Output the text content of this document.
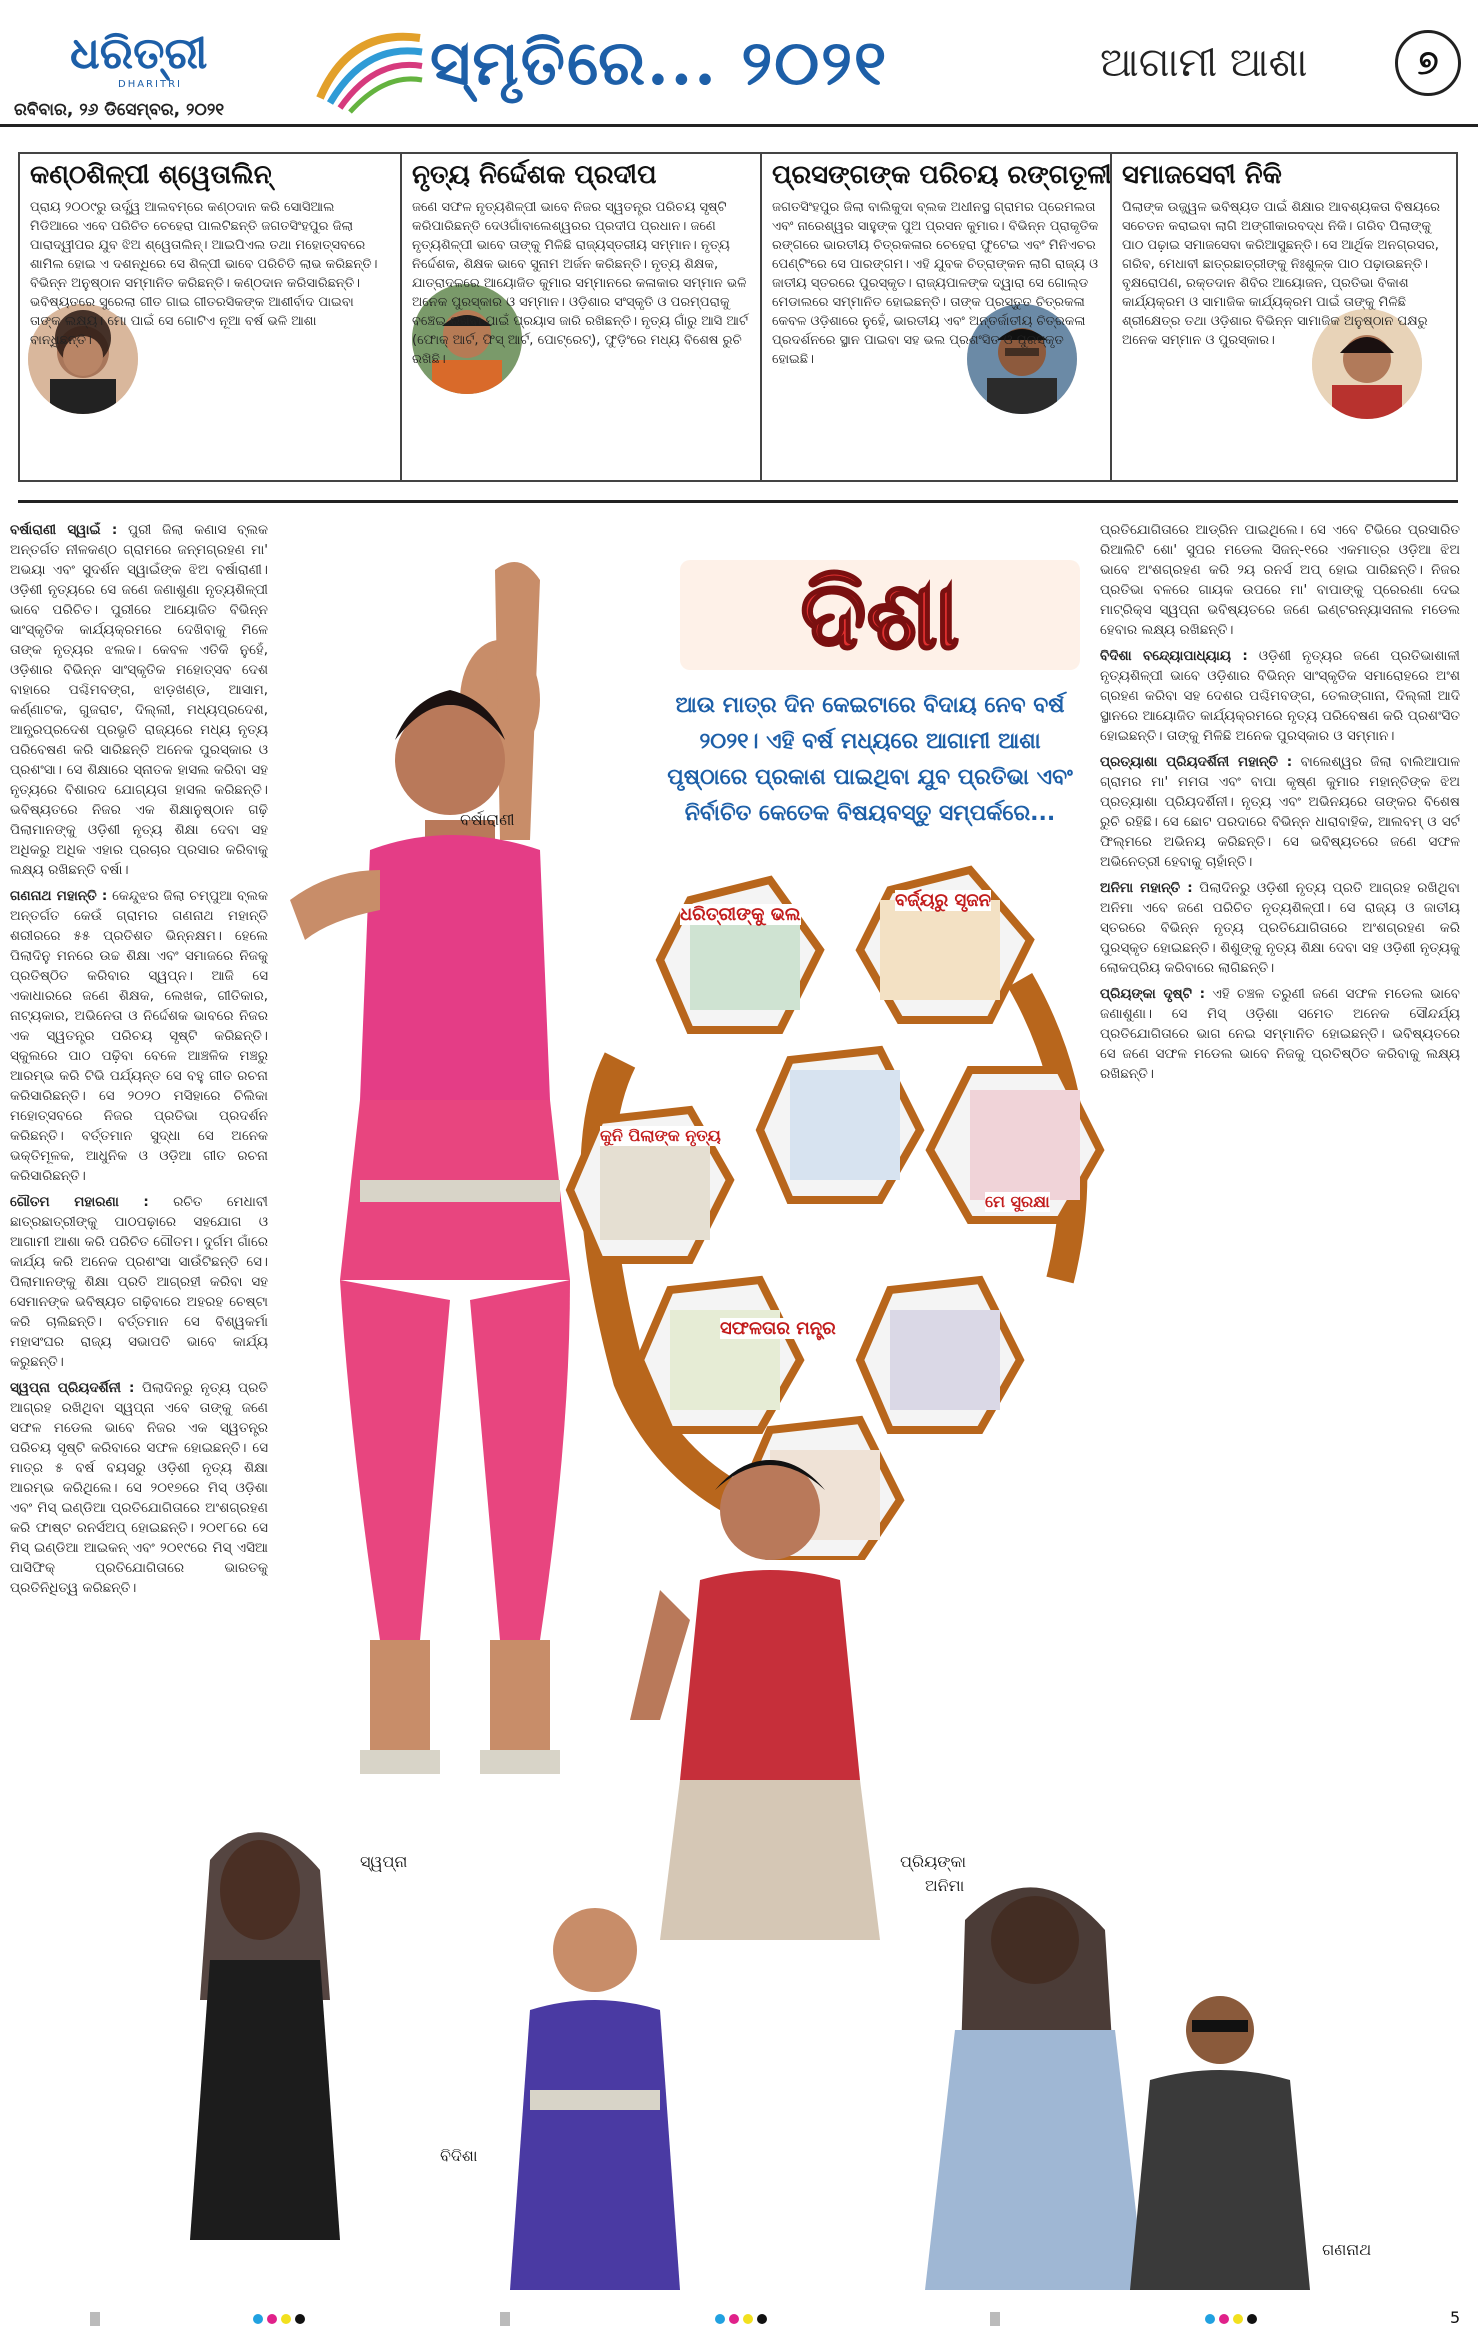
ଧରିତ୍ରୀ
DHARITRI
ରବିବାର, ୨୬ ଡିସେମ୍ବର, ୨୦୨୧
ସ୍ମୃତିରେ... ୨୦୨୧	ଆଗାମୀ ଆଶା	୭
କଣ୍ଠଶିଳ୍ପୀ ଶ୍ୱେତାଲିନ୍
ପ୍ରାୟ ୨୦୦୯ରୁ ଉର୍ଦ୍ଧ୍ୱ ଆଲବମ୍‌ରେ କଣ୍ଠଦାନ କରି ସୋସିଆଲ ମିଡିଆରେ ଏବେ ପରିଚିତ ଚେହେରା ପାଲଟିଛନ୍ତି ଜଗତସିଂହପୁର ଜିଲା ପାରାଦ୍ୱୀପର ଯୁବ ଝିଅ ଶ୍ୱେତାଲିନ୍। ଆଇପିଏଲ ତଥା ମହୋତ୍ସବରେ ଶାମିଲ ହୋଇ ଏ ଦଶନ୍ଧିରେ ସେ ଶିଳ୍ପୀ ଭାବେ ପରିଚିତି ଲାଭ କରିଛନ୍ତି। ବିଭିନ୍ନ ଅନୁଷ୍ଠାନ ସମ୍ମାନିତ କରିଛନ୍ତି। କଣ୍ଠଦାନ କରିସାରିଛନ୍ତି। ଭବିଷ୍ୟତରେ ସୁରେଲା ଗୀତ ଗାଇ ଗୀତରସିକଙ୍କ ଆଶୀର୍ବାଦ ପାଇବା ତାଙ୍କ ଲକ୍ଷ୍ୟ। ମୋ ପାଇଁ ସେ ଗୋଟିଏ ନୂଆ ବର୍ଷ ଭଳି ଆଶା ବାନ୍ଧିଛନ୍ତି।
ନୃତ୍ୟ ନିର୍ଦ୍ଦେଶକ ପ୍ରଦୀପ
ଜଣେ ସଫଳ ନୃତ୍ୟଶିଳ୍ପୀ ଭାବେ ନିଜର ସ୍ୱତନ୍ତ୍ର ପରିଚୟ ସୃଷ୍ଟି କରିପାରିଛନ୍ତି ଦେଓଗାଁବାଲେଶ୍ୱରର ପ୍ରଦୀପ ପ୍ରଧାନ। ଜଣେ ନୃତ୍ୟଶିଳ୍ପୀ ଭାବେ ତାଙ୍କୁ ମିଳିଛି ରାଜ୍ୟସ୍ତରୀୟ ସମ୍ମାନ। ନୃତ୍ୟ ନିର୍ଦ୍ଦେଶକ, ଶିକ୍ଷକ ଭାବେ ସୁନାମ ଅର୍ଜନ କରିଛନ୍ତି। ନୃତ୍ୟ ଶିକ୍ଷକ, ଯାତ୍ରାଦଳରେ ଆୟୋଜିତ କୁମାର ସମ୍ମାନରେ କଳାକାର ସମ୍ମାନ ଭଳି ଅନେକ ପୁରସ୍କାର ଓ ସମ୍ମାନ। ଓଡ଼ିଶାର ସଂସ୍କୃତି ଓ ପରମ୍ପରାକୁ ବଞ୍ଚେଇ ରଖିବା ପାଇଁ ପ୍ରୟାସ ଜାରି ରଖିଛନ୍ତି। ନୃତ୍ୟ ଗାଁରୁ ଆସି ଆର୍ଟ (ଫୋକ୍ ଆର୍ଟ, ଫିସ୍ ଆର୍ଟ, ପୋଟ୍ରେଟ୍), ଫୁଡ଼ିଂରେ ମଧ୍ୟ ବିଶେଷ ରୁଚି ରଖିଛି।
ପ୍ରସଙ୍ଗଙ୍କ ପରିଚୟ ରଙ୍ଗତୂଳୀ
ଜଗତସିଂହପୁର ଜିଲା ବାଲିକୁଦା ବ୍ଲକ ଅଧୀନସ୍ଥ ଗ୍ରାମର ପ୍ରେମଲତା ଏବଂ ନାରେଶ୍ୱର ସାହୁଙ୍କ ପୁଅ ପ୍ରସନ କୁମାର। ବିଭିନ୍ନ ପ୍ରାକୃତିକ ରଙ୍ଗରେ ଭାରତୀୟ ଚିତ୍ରକଳାର ଚେହେରା ଫୁଟେଇ ଏବଂ ମିନିଏଚର ପେଣ୍ଟିଂରେ ସେ ପାରଙ୍ଗମ। ଏହି ଯୁବକ ଚିତ୍ରାଙ୍କନ ଲାଗି ରାଜ୍ୟ ଓ ଜାତୀୟ ସ୍ତରରେ ପୁରସ୍କୃତ। ରାଜ୍ୟପାଳଙ୍କ ଦ୍ୱାରା ସେ ଗୋଲ୍ଡ ମେଡାଲରେ ସମ୍ମାନିତ ହୋଇଛନ୍ତି। ତାଙ୍କ ପ୍ରସ୍ତୁତ ଚିତ୍ରକଳା କେବଳ ଓଡ଼ିଶାରେ ନୁହେଁ, ଭାରତୀୟ ଏବଂ ଅନ୍ତର୍ଜାତୀୟ ଚିତ୍ରକଳା ପ୍ରଦର୍ଶନରେ ସ୍ଥାନ ପାଇବା ସହ ଭଲ ପ୍ରଶଂସିତ ଓ ପୁରସ୍କୃତ ହୋଇଛି।
ସମାଜସେବୀ ନିକି
ପିଲାଙ୍କ ଉଜ୍ଜ୍ୱଳ ଭବିଷ୍ୟତ ପାଇଁ ଶିକ୍ଷାର ଆବଶ୍ୟକତା ବିଷୟରେ ସଚେତନ କରାଇବା ଲାଗି ଅଙ୍ଗୀକାରବଦ୍ଧ ନିକି। ଗରିବ ପିଲାଙ୍କୁ ପାଠ ପଢ଼ାଇ ସମାଜସେବା କରିଆସୁଛନ୍ତି। ସେ ଆର୍ଥିକ ଅନଗ୍ରସର, ଗରିବ, ମେଧାବୀ ଛାତ୍ରଛାତ୍ରୀଙ୍କୁ ନିଃଶୁଳ୍କ ପାଠ ପଢ଼ାଉଛନ୍ତି। ବୃକ୍ଷରୋପଣ, ରକ୍ତଦାନ ଶିବିର ଆୟୋଜନ, ପ୍ରତିଭା ବିକାଶ କାର୍ଯ୍ୟକ୍ରମ ଓ ସାମାଜିକ କାର୍ଯ୍ୟକ୍ରମ ପାଇଁ ତାଙ୍କୁ ମିଳିଛି ଶ୍ରୀକ୍ଷେତ୍ର ତଥା ଓଡ଼ିଶାର ବିଭିନ୍ନ ସାମାଜିକ ଅନୁଷ୍ଠାନ ପକ୍ଷରୁ ଅନେକ ସମ୍ମାନ ଓ ପୁରସ୍କାର।

ବର୍ଷାରାଣୀ ସ୍ୱାଇଁ : ପୁରୀ ଜିଲା କଣାସ ବ୍ଲକ ଅନ୍ତର୍ଗତ ନୀଳକଣ୍ଠ ଗ୍ରାମରେ ଜନ୍ମଗ୍ରହଣ ମା' ଅଭୟା ଏବଂ ସୁଦର୍ଶନ ସ୍ୱାଇଁଙ୍କ ଝିଅ ବର୍ଷାରାଣୀ। ଓଡ଼ିଶୀ ନୃତ୍ୟରେ ସେ ଜଣେ ଜଣାଶୁଣା ନୃତ୍ୟଶିଳ୍ପୀ ଭାବେ ପରିଚିତ। ପୁରୀରେ ଆୟୋଜିତ ବିଭିନ୍ନ ସାଂସ୍କୃତିକ କାର୍ଯ୍ୟକ୍ରମରେ ଦେଖିବାକୁ ମିଳେ ତାଙ୍କ ନୃତ୍ୟର ଝଲକ। କେବଳ ଏତିକି ନୁହେଁ, ଓଡ଼ିଶାର ବିଭିନ୍ନ ସାଂସ୍କୃତିକ ମହୋତ୍ସବ ଦେଶ ବାହାରେ ପଶ୍ଚିମବଙ୍ଗ, ଝାଡ଼ଖଣ୍ଡ, ଆସାମ, କର୍ଣ୍ଣାଟକ, ଗୁଜରାଟ, ଦିଲ୍ଲୀ, ମଧ୍ୟପ୍ରଦେଶ, ଆନ୍ଧ୍ରପ୍ରଦେଶ ପ୍ରଭୃତି ରାଜ୍ୟରେ ମଧ୍ୟ ନୃତ୍ୟ ପରିବେଷଣ କରି ସାରିଛନ୍ତି ଅନେକ ପୁରସ୍କାର ଓ ପ୍ରଶଂସା। ସେ ଶିକ୍ଷାରେ ସ୍ନାତକ ହାସଲ କରିବା ସହ ନୃତ୍ୟରେ ବିଶାରଦ ଯୋଗ୍ୟତା ହାସଲ କରିଛନ୍ତି। ଭବିଷ୍ୟତରେ ନିଜର ଏକ ଶିକ୍ଷାନୁଷ୍ଠାନ ଗଢ଼ି ପିଲାମାନଙ୍କୁ ଓଡ଼ିଶୀ ନୃତ୍ୟ ଶିକ୍ଷା ଦେବା ସହ ଅଧିକରୁ ଅଧିକ ଏହାର ପ୍ରଚାର ପ୍ରସାର କରିବାକୁ ଲକ୍ଷ୍ୟ ରଖିଛନ୍ତି ବର୍ଷା।

ଗଣନାଥ ମହାନ୍ତି : କେନ୍ଦୁଝର ଜିଲା ଚମ୍ପୁଆ ବ୍ଲକ ଅନ୍ତର୍ଗତ କେଉଁ ଗ୍ରାମର ଗଣନାଥ ମହାନ୍ତି ଶରୀରରେ ୫୫ ପ୍ରତିଶତ ଭିନ୍ନକ୍ଷମ। ହେଲେ ପିଲାଦିନୁ ମନରେ ଉଚ୍ଚ ଶିକ୍ଷା ଏବଂ ସମାଜରେ ନିଜକୁ ପ୍ରତିଷ୍ଠିତ କରିବାର ସ୍ୱପ୍ନ। ଆଜି ସେ ଏକାଧାରରେ ଜଣେ ଶିକ୍ଷକ, ଲେଖକ, ଗୀତିକାର, ନାଟ୍ୟକାର, ଅଭିନେତା ଓ ନିର୍ଦ୍ଦେଶକ ଭାବରେ ନିଜର ଏକ ସ୍ୱତନ୍ତ୍ର ପରିଚୟ ସୃଷ୍ଟି କରିଛନ୍ତି। ସ୍କୁଲରେ ପାଠ ପଢ଼ିବା ବେଳେ ଆଞ୍ଚଳିକ ମଞ୍ଚରୁ ଆରମ୍ଭ କରି ଟିଭି ପର୍ଯ୍ୟନ୍ତ ସେ ବହୁ ଗୀତ ରଚନା କରିସାରିଛନ୍ତି। ସେ ୨୦୨୦ ମସିହାରେ ଚିଲିକା ମହୋତ୍ସବରେ ନିଜର ପ୍ରତିଭା ପ୍ରଦର୍ଶନ କରିଛନ୍ତି। ବର୍ତ୍ତମାନ ସୁଦ୍ଧା ସେ ଅନେକ ଭକ୍ତିମୂଳକ, ଆଧୁନିକ ଓ ଓଡ଼ିଆ ଗୀତ ରଚନା କରିସାରିଛନ୍ତି।

ଗୌତମ ମହାରଣା : ରଚିତ ମେଧାବୀ ଛାତ୍ରଛାତ୍ରୀଙ୍କୁ ପାଠପଢ଼ାରେ ସହଯୋଗ ଓ ଆଗାମୀ ଆଶା କରି ପରିଚିତ ଗୌତମ। ଦୁର୍ଗମ ଗାଁରେ କାର୍ଯ୍ୟ କରି ଅନେକ ପ୍ରଶଂସା ସାଉଁଟିଛନ୍ତି ସେ। ପିଲାମାନଙ୍କୁ ଶିକ୍ଷା ପ୍ରତି ଆଗ୍ରହୀ କରିବା ସହ ସେମାନଙ୍କ ଭବିଷ୍ୟତ ଗଢ଼ିବାରେ ଅହରହ ଚେଷ୍ଟା କରି ଚାଲିଛନ୍ତି। ବର୍ତ୍ତମାନ ସେ ବିଶ୍ୱକର୍ମା ମହାସଂଘର ରାଜ୍ୟ ସଭାପତି ଭାବେ କାର୍ଯ୍ୟ କରୁଛନ୍ତି।

ସ୍ୱପ୍ନା ପ୍ରିୟଦର୍ଶିନୀ : ପିଲାଦିନରୁ ନୃତ୍ୟ ପ୍ରତି ଆଗ୍ରହ ରଖିଥିବା ସ୍ୱପ୍ନା ଏବେ ତାଙ୍କୁ ଜଣେ ସଫଳ ମଡେଲ ଭାବେ ନିଜର ଏକ ସ୍ୱତନ୍ତ୍ର ପରିଚୟ ସୃଷ୍ଟି କରିବାରେ ସଫଳ ହୋଇଛନ୍ତି। ସେ ମାତ୍ର ୫ ବର୍ଷ ବୟସରୁ ଓଡ଼ିଶୀ ନୃତ୍ୟ ଶିକ୍ଷା ଆରମ୍ଭ କରିଥିଲେ। ସେ ୨୦୧୭ରେ ମିସ୍ ଓଡ଼ିଶା ଏବଂ ମିସ୍ ଇଣ୍ଡିଆ ପ୍ରତିଯୋଗିତାରେ ଅଂଶଗ୍ରହଣ କରି ଫାଷ୍ଟ ରନର୍ସଅପ୍ ହୋଇଛନ୍ତି। ୨୦୧୮ରେ ସେ ମିସ୍ ଇଣ୍ଡିଆ ଆଇକନ୍ ଏବଂ ୨୦୧୯ରେ ମିସ୍ ଏସିଆ ପାସିଫିକ୍ ପ୍ରତିଯୋଗିତାରେ ଭାରତକୁ ପ୍ରତିନିଧିତ୍ୱ କରିଛନ୍ତି।

ବର୍ଷାରାଣୀ
ଦିଶା
ଆଉ ମାତ୍ର ଦିନ କେଇଟାରେ ବିଦାୟ ନେବ ବର୍ଷ ୨୦୨୧। ଏହି ବର୍ଷ ମଧ୍ୟରେ ଆଗାମୀ ଆଶା ପୃଷ୍ଠାରେ ପ୍ରକାଶ ପାଇଥିବା ଯୁବ ପ୍ରତିଭା ଏବଂ ନିର୍ବାଚିତ କେତେକ ବିଷୟବସ୍ତୁ ସମ୍ପର୍କରେ...
ଧରିତ୍ରୀଙ୍କୁ ଭଲ
ବର୍ଜ୍ୟରୁ ସୃଜନ
କୁନି ପିଲାଙ୍କ ନୃତ୍ୟ
ସଫଳତାର ମନ୍ତ୍ର
ମେ ସୁରକ୍ଷା
ଅନିମା
ସ୍ୱପ୍ନା
ବିଦିଶା
ପ୍ରିୟଙ୍କା
ଗଣନାଥ

ପ୍ରତିଯୋଗିତାରେ ଆଡ୍ରିନ ପାଇଥିଲେ। ସେ ଏବେ ଟିଭିରେ ପ୍ରସାରିତ ରିଆଲିଟି ଶୋ' ସୁପର ମଡେଲ ସିଜନ୍-୧ରେ ଏକମାତ୍ର ଓଡ଼ିଆ ଝିଅ ଭାବେ ଅଂଶଗ୍ରହଣ କରି ୨ୟ ରନର୍ସ ଅପ୍ ହୋଇ ପାରିଛନ୍ତି। ନିଜର ପ୍ରତିଭା ବଳରେ ଗାୟକ ଉପରେ ମା' ବାପାଙ୍କୁ ପ୍ରେରଣା ଦେଇ ମାଟ୍ରିକ୍ସ ସ୍ୱପ୍ନା ଭବିଷ୍ୟତରେ ଜଣେ ଇଣ୍ଟରନ୍ୟାସନାଲ ମଡେଲ ହେବାର ଲକ୍ଷ୍ୟ ରଖିଛନ୍ତି।

ବିଦିଶା ବନ୍ଦ୍ୟୋପାଧ୍ୟାୟ : ଓଡ଼ିଶୀ ନୃତ୍ୟର ଜଣେ ପ୍ରତିଭାଶାଳୀ ନୃତ୍ୟଶିଳ୍ପୀ ଭାବେ ଓଡ଼ିଶାର ବିଭିନ୍ନ ସାଂସ୍କୃତିକ ସମାରୋହରେ ଅଂଶ ଗ୍ରହଣ କରିବା ସହ ଦେଶର ପଶ୍ଚିମବଙ୍ଗ, ତେଲଙ୍ଗାନା, ଦିଲ୍ଲୀ ଆଦି ସ୍ଥାନରେ ଆୟୋଜିତ କାର୍ଯ୍ୟକ୍ରମରେ ନୃତ୍ୟ ପରିବେଷଣ କରି ପ୍ରଶଂସିତ ହୋଇଛନ୍ତି। ତାଙ୍କୁ ମିଳିଛି ଅନେକ ପୁରସ୍କାର ଓ ସମ୍ମାନ।

ପ୍ରତ୍ୟାଶା ପ୍ରିୟଦର୍ଶିନୀ ମହାନ୍ତି : ବାଲେଶ୍ୱର ଜିଲା ବାଲିଆପାଳ ଗ୍ରାମର ମା' ମମତା ଏବଂ ବାପା କୃଷ୍ଣ କୁମାର ମହାନ୍ତିଙ୍କ ଝିଅ ପ୍ରତ୍ୟାଶା ପ୍ରିୟଦର୍ଶିନୀ। ନୃତ୍ୟ ଏବଂ ଅଭିନୟରେ ତାଙ୍କର ବିଶେଷ ରୁଚି ରହିଛି। ସେ ଛୋଟ ପରଦାରେ ବିଭିନ୍ନ ଧାରାବାହିକ, ଆଲବମ୍ ଓ ସର୍ଟ ଫିଲ୍ମରେ ଅଭିନୟ କରିଛନ୍ତି। ସେ ଭବିଷ୍ୟତରେ ଜଣେ ସଫଳ ଅଭିନେତ୍ରୀ ହେବାକୁ ଚାହାଁନ୍ତି।

ଅନିମା ମହାନ୍ତି : ପିଲାଦିନରୁ ଓଡ଼ିଶୀ ନୃତ୍ୟ ପ୍ରତି ଆଗ୍ରହ ରଖିଥିବା ଅନିମା ଏବେ ଜଣେ ପରିଚିତ ନୃତ୍ୟଶିଳ୍ପୀ। ସେ ରାଜ୍ୟ ଓ ଜାତୀୟ ସ୍ତରରେ ବିଭିନ୍ନ ନୃତ୍ୟ ପ୍ରତିଯୋଗିତାରେ ଅଂଶଗ୍ରହଣ କରି ପୁରସ୍କୃତ ହୋଇଛନ୍ତି। ଶିଶୁଙ୍କୁ ନୃତ୍ୟ ଶିକ୍ଷା ଦେବା ସହ ଓଡ଼ିଶୀ ନୃତ୍ୟକୁ ଲୋକପ୍ରିୟ କରିବାରେ ଲାଗିଛନ୍ତି।

ପ୍ରିୟଙ୍କା ଦୃଷ୍ଟି : ଏହି ଚଞ୍ଚଳ ତରୁଣୀ ଜଣେ ସଫଳ ମଡେଲ ଭାବେ ଜଣାଶୁଣା। ସେ ମିସ୍ ଓଡ଼ିଶା ସମେତ ଅନେକ ସୌନ୍ଦର୍ଯ୍ୟ ପ୍ରତିଯୋଗିତାରେ ଭାଗ ନେଇ ସମ୍ମାନିତ ହୋଇଛନ୍ତି। ଭବିଷ୍ୟତରେ ସେ ଜଣେ ସଫଳ ମଡେଲ ଭାବେ ନିଜକୁ ପ୍ରତିଷ୍ଠିତ କରିବାକୁ ଲକ୍ଷ୍ୟ ରଖିଛନ୍ତି।

5
